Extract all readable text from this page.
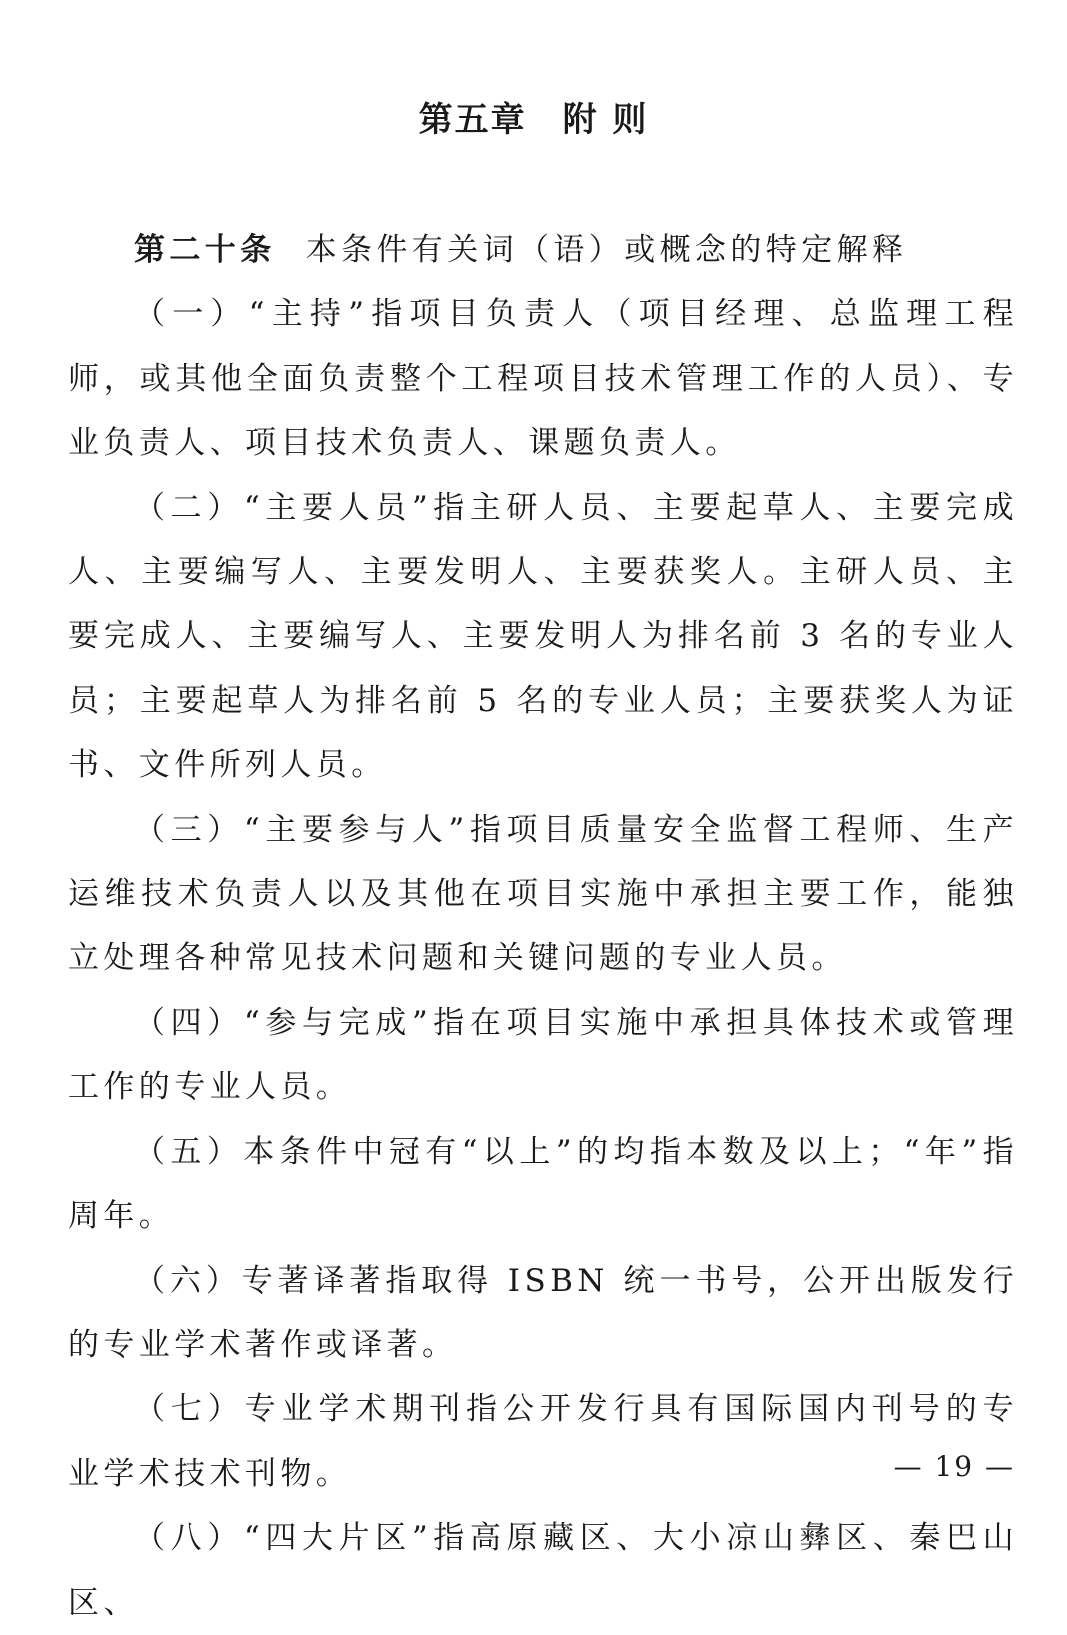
第五章 附 则

第二十条 本条件有关词（语）或概念的特定解释

（一）“主持”指项目负责人（项目经理、总监理工程师，或其他全面负责整个工程项目技术管理工作的人员）、专业负责人、项目技术负责人、课题负责人。

（二）“主要人员”指主研人员、主要起草人、主要完成人、主要编写人、主要发明人、主要获奖人。主研人员、主要完成人、主要编写人、主要发明人为排名前 3 名的专业人员；主要起草人为排名前 5 名的专业人员；主要获奖人为证书、文件所列人员。

（三）“主要参与人”指项目质量安全监督工程师、生产运维技术负责人以及其他在项目实施中承担主要工作，能独立处理各种常见技术问题和关键问题的专业人员。

（四）“参与完成”指在项目实施中承担具体技术或管理工作的专业人员。

（五）本条件中冠有“以上”的均指本数及以上；“年”指周年。

（六）专著译著指取得 ISBN 统一书号，公开出版发行的专业学术著作或译著。

（七）专业学术期刊指公开发行具有国际国内刊号的专业学术技术刊物。

（八）“四大片区”指高原藏区、大小凉山彝区、秦巴山区、

— 19 —
